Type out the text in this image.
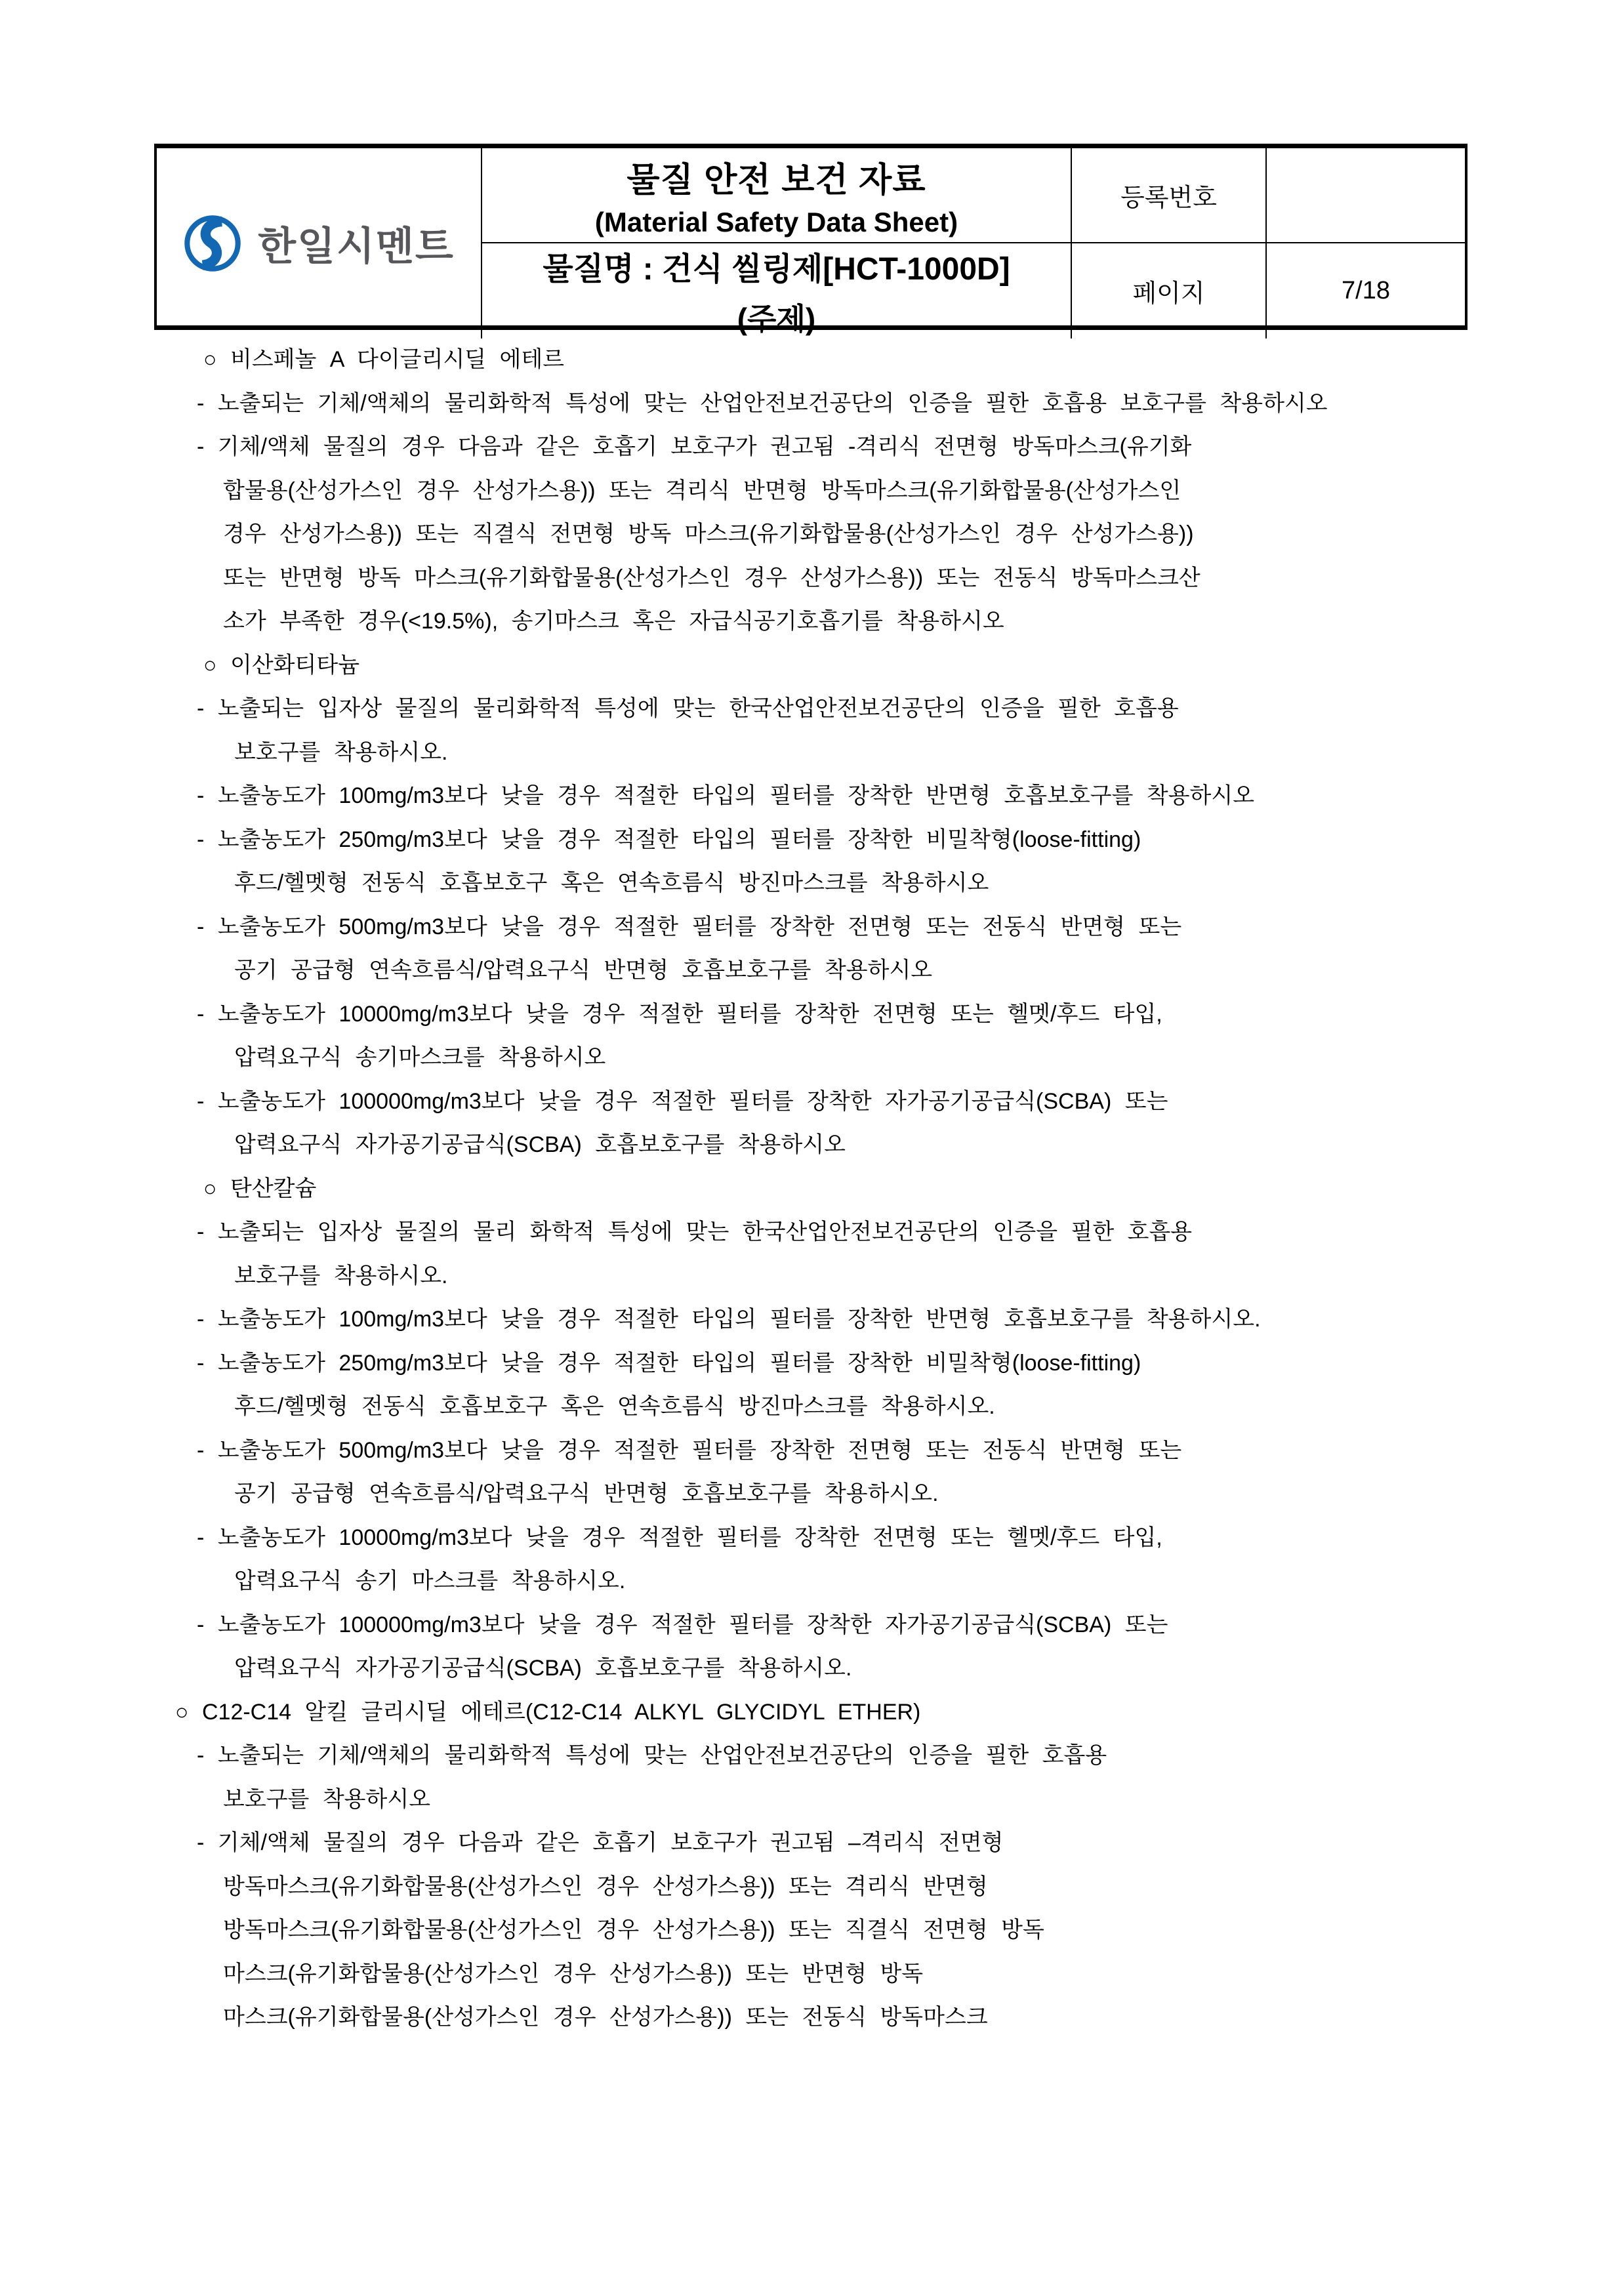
한일시멘트
물질 안전 보건 자료
(Material Safety Data Sheet)
물질명 : 건식 씰링제[HCT-1000D]
(주제)
등록번호
페이지	7/18
○ 비스페놀 A 다이글리시딜 에테르
- 노출되는 기체/액체의 물리화학적 특성에 맞는 산업안전보건공단의 인증을 필한 호흡용 보호구를 착용하시오
- 기체/액체 물질의 경우 다음과 같은 호흡기 보호구가 권고됨 -격리식 전면형 방독마스크(유기화
합물용(산성가스인 경우 산성가스용)) 또는 격리식 반면형 방독마스크(유기화합물용(산성가스인
경우 산성가스용)) 또는 직결식 전면형 방독 마스크(유기화합물용(산성가스인 경우 산성가스용))
또는 반면형 방독 마스크(유기화합물용(산성가스인 경우 산성가스용)) 또는 전동식 방독마스크산
소가 부족한 경우(<19.5%), 송기마스크 혹은 자급식공기호흡기를 착용하시오
○ 이산화티타늄
- 노출되는 입자상 물질의 물리화학적 특성에 맞는 한국산업안전보건공단의 인증을 필한 호흡용
보호구를 착용하시오.
- 노출농도가 100mg/m3보다 낮을 경우 적절한 타입의 필터를 장착한 반면형 호흡보호구를 착용하시오
- 노출농도가 250mg/m3보다 낮을 경우 적절한 타입의 필터를 장착한 비밀착형(loose-fitting)
후드/헬멧형 전동식 호흡보호구 혹은 연속흐름식 방진마스크를 착용하시오
- 노출농도가 500mg/m3보다 낮을 경우 적절한 필터를 장착한 전면형 또는 전동식 반면형 또는
공기 공급형 연속흐름식/압력요구식 반면형 호흡보호구를 착용하시오
- 노출농도가 10000mg/m3보다 낮을 경우 적절한 필터를 장착한 전면형 또는 헬멧/후드 타입,
압력요구식 송기마스크를 착용하시오
- 노출농도가 100000mg/m3보다 낮을 경우 적절한 필터를 장착한 자가공기공급식(SCBA) 또는
압력요구식 자가공기공급식(SCBA) 호흡보호구를 착용하시오
○ 탄산칼슘
- 노출되는 입자상 물질의 물리 화학적 특성에 맞는 한국산업안전보건공단의 인증을 필한 호흡용
보호구를 착용하시오.
- 노출농도가 100mg/m3보다 낮을 경우 적절한 타입의 필터를 장착한 반면형 호흡보호구를 착용하시오.
- 노출농도가 250mg/m3보다 낮을 경우 적절한 타입의 필터를 장착한 비밀착형(loose-fitting)
후드/헬멧형 전동식 호흡보호구 혹은 연속흐름식 방진마스크를 착용하시오.
- 노출농도가 500mg/m3보다 낮을 경우 적절한 필터를 장착한 전면형 또는 전동식 반면형 또는
공기 공급형 연속흐름식/압력요구식 반면형 호흡보호구를 착용하시오.
- 노출농도가 10000mg/m3보다 낮을 경우 적절한 필터를 장착한 전면형 또는 헬멧/후드 타입,
압력요구식 송기 마스크를 착용하시오.
- 노출농도가 100000mg/m3보다 낮을 경우 적절한 필터를 장착한 자가공기공급식(SCBA) 또는
압력요구식 자가공기공급식(SCBA) 호흡보호구를 착용하시오.
○ C12-C14 알킬 글리시딜 에테르(C12-C14 ALKYL GLYCIDYL ETHER)
- 노출되는 기체/액체의 물리화학적 특성에 맞는 산업안전보건공단의 인증을 필한 호흡용
보호구를 착용하시오
- 기체/액체 물질의 경우 다음과 같은 호흡기 보호구가 권고됨 –격리식 전면형
방독마스크(유기화합물용(산성가스인 경우 산성가스용)) 또는 격리식 반면형
방독마스크(유기화합물용(산성가스인 경우 산성가스용)) 또는 직결식 전면형 방독
마스크(유기화합물용(산성가스인 경우 산성가스용)) 또는 반면형 방독
마스크(유기화합물용(산성가스인 경우 산성가스용)) 또는 전동식 방독마스크
